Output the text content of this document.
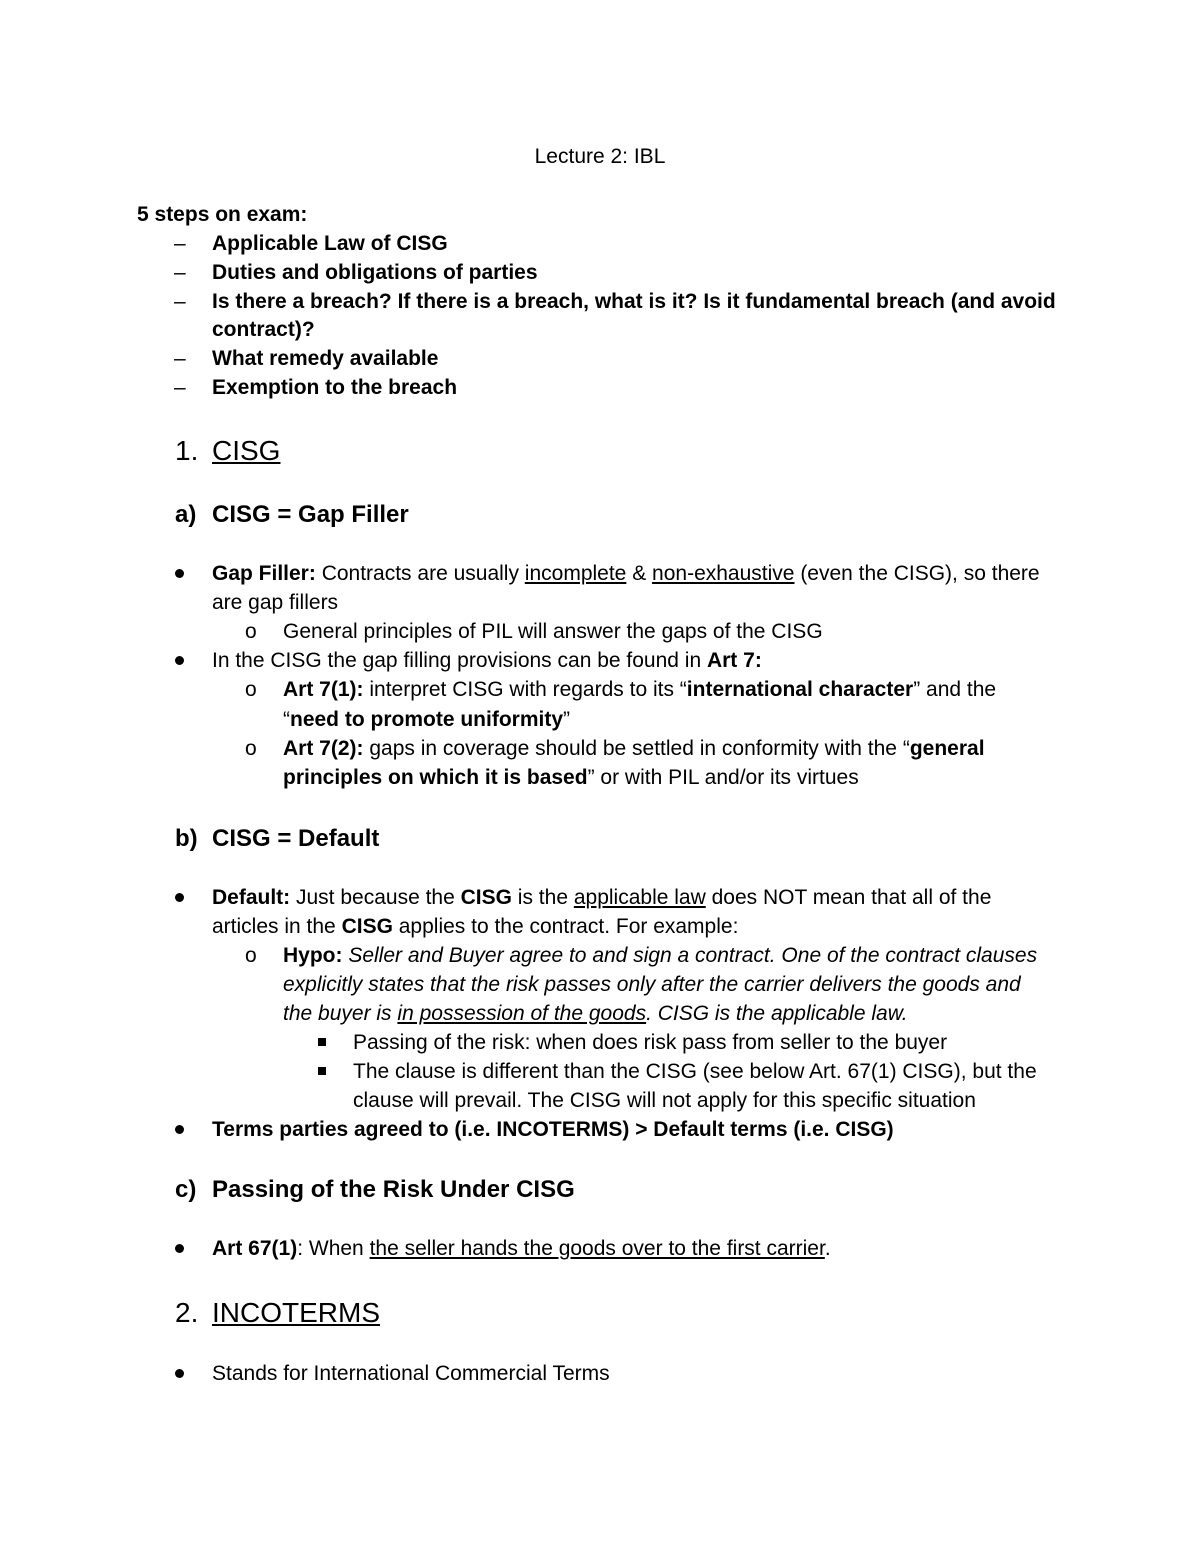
Lecture 2: IBL
5 steps on exam:
– Applicable Law of CISG
– Duties and obligations of parties
– Is there a breach? If there is a breach, what is it? Is it fundamental breach (and avoid
contract)?
– What remedy available
– Exemption to the breach
1. CISG
a) CISG = Gap Filler
Gap Filler: Contracts are usually incomplete & non-exhaustive (even the CISG), so there
are gap fillers
o General principles of PIL will answer the gaps of the CISG
In the CISG the gap filling provisions can be found in Art 7:
o Art 7(1): interpret CISG with regards to its “international character” and the
“need to promote uniformity”
o Art 7(2): gaps in coverage should be settled in conformity with the “general
principles on which it is based” or with PIL and/or its virtues
b) CISG = Default
Default: Just because the CISG is the applicable law does NOT mean that all of the
articles in the CISG applies to the contract. For example:
o Hypo: Seller and Buyer agree to and sign a contract. One of the contract clauses
explicitly states that the risk passes only after the carrier delivers the goods and
the buyer is in possession of the goods. CISG is the applicable law.
Passing of the risk: when does risk pass from seller to the buyer
The clause is different than the CISG (see below Art. 67(1) CISG), but the
clause will prevail. The CISG will not apply for this specific situation
Terms parties agreed to (i.e. INCOTERMS) > Default terms (i.e. CISG)
c) Passing of the Risk Under CISG
Art 67(1): When the seller hands the goods over to the first carrier.
2. INCOTERMS
Stands for International Commercial Terms
